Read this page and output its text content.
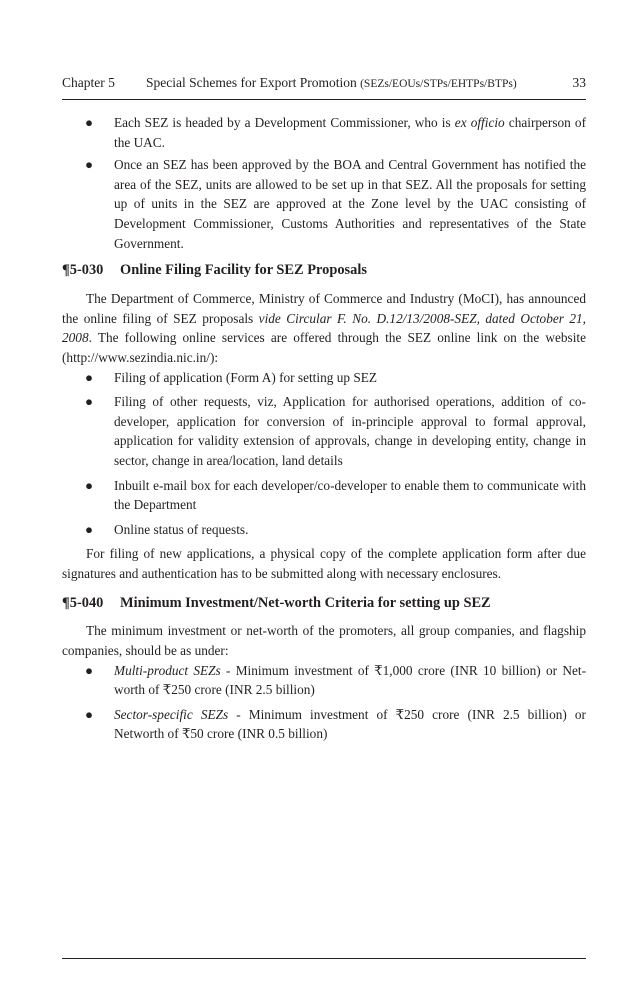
Chapter 5 Special Schemes for Export Promotion (SEZs/EOUs/STPs/EHTPs/BTPs)	33
● Each SEZ is headed by a Development Commissioner, who is ex officio chairperson of the UAC.
● Once an SEZ has been approved by the BOA and Central Government has notified the area of the SEZ, units are allowed to be set up in that SEZ. All the proposals for setting up of units in the SEZ are approved at the Zone level by the UAC consisting of Development Commissioner, Customs Authorities and representatives of the State Government.
¶5-030 Online Filing Facility for SEZ Proposals

The Department of Commerce, Ministry of Commerce and Industry (MoCI), has announced the online filing of SEZ proposals vide Circular F. No. D.12/13/2008-SEZ, dated October 21, 2008. The following online services are offered through the SEZ online link on the website (http://www.sezindia.nic.in/):

● Filing of application (Form A) for setting up SEZ
● Filing of other requests, viz, Application for authorised operations, addition of co-developer, application for conversion of in-principle approval to formal approval, application for validity extension of approvals, change in developing entity, change in sector, change in area/location, land details
● Inbuilt e-mail box for each developer/co-developer to enable them to communicate with the Department
● Online status of requests.

For filing of new applications, a physical copy of the complete application form after due signatures and authentication has to be submitted along with necessary enclosures.

¶5-040 Minimum Investment/Net-worth Criteria for setting up SEZ

The minimum investment or net-worth of the promoters, all group companies, and flagship companies, should be as under:

● Multi-product SEZs - Minimum investment of ₹1,000 crore (INR 10 billion) or Net-worth of ₹250 crore (INR 2.5 billion)
● Sector-specific SEZs - Minimum investment of ₹250 crore (INR 2.5 billion) or Networth of ₹50 crore (INR 0.5 billion)
